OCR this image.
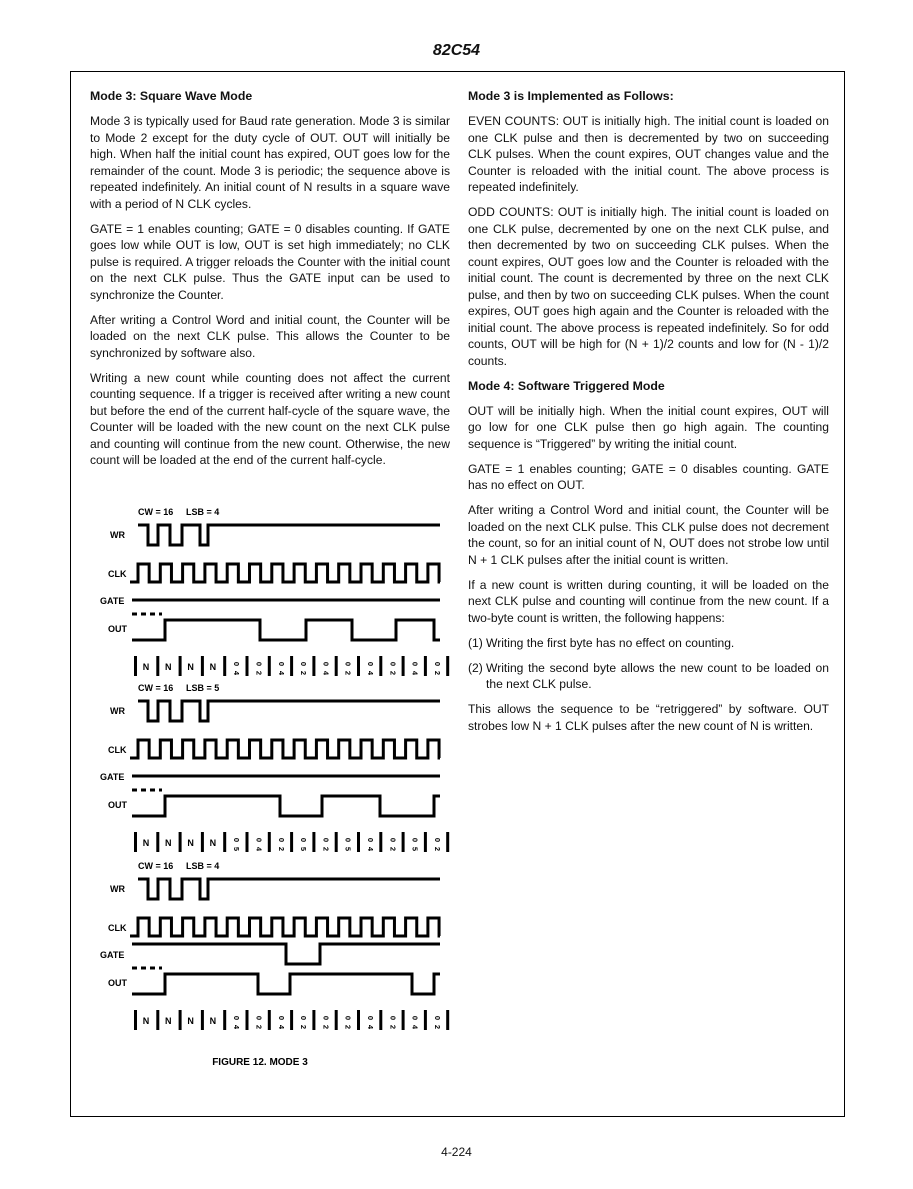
82C54
Mode 3: Square Wave Mode

Mode 3 is typically used for Baud rate generation. Mode 3 is similar to Mode 2 except for the duty cycle of OUT. OUT will initially be high. When half the initial count has expired, OUT goes low for the remainder of the count. Mode 3 is periodic; the sequence above is repeated indefinitely. An initial count of N results in a square wave with a period of N CLK cycles.

GATE = 1 enables counting; GATE = 0 disables counting. If GATE goes low while OUT is low, OUT is set high immediately; no CLK pulse is required. A trigger reloads the Counter with the initial count on the next CLK pulse. Thus the GATE input can be used to synchronize the Counter.

After writing a Control Word and initial count, the Counter will be loaded on the next CLK pulse. This allows the Counter to be synchronized by software also.

Writing a new count while counting does not affect the current counting sequence. If a trigger is received after writing a new count but before the end of the current half-cycle of the square wave, the Counter will be loaded with the new count on the next CLK pulse and counting will continue from the new count. Otherwise, the new count will be loaded at the end of the current half-cycle.

Mode 3 is Implemented as Follows:

EVEN COUNTS: OUT is initially high. The initial count is loaded on one CLK pulse and then is decremented by two on succeeding CLK pulses. When the count expires, OUT changes value and the Counter is reloaded with the initial count. The above process is repeated indefinitely.

ODD COUNTS: OUT is initially high. The initial count is loaded on one CLK pulse, decremented by one on the next CLK pulse, and then decremented by two on succeeding CLK pulses. When the count expires, OUT goes low and the Counter is reloaded with the initial count. The count is decremented by three on the next CLK pulse, and then by two on succeeding CLK pulses. When the count expires, OUT goes high again and the Counter is reloaded with the initial count. The above process is repeated indefinitely. So for odd counts, OUT will be high for (N + 1)/2 counts and low for (N - 1)/2 counts.

Mode 4: Software Triggered Mode

OUT will be initially high. When the initial count expires, OUT will go low for one CLK pulse then go high again. The counting sequence is “Triggered” by writing the initial count.

GATE = 1 enables counting; GATE = 0 disables counting. GATE has no effect on OUT.

After writing a Control Word and initial count, the Counter will be loaded on the next CLK pulse. This CLK pulse does not decrement the count, so for an initial count of N, OUT does not strobe low until N + 1 CLK pulses after the initial count is written.

If a new count is written during counting, it will be loaded on the next CLK pulse and counting will continue from the new count. If a two-byte count is written, the following happens:

(1) Writing the first byte has no effect on counting.

(2) Writing the second byte allows the new count to be loaded on the next CLK pulse.

This allows the sequence to be “retriggered” by software. OUT strobes low N + 1 CLK pulses after the new count of N is written.

CW = 16 LSB = 4
WR
CLK
GATE
OUT
N N N N 0
4
0
2
0
4
0
2
0
4
0
2
0
4
0
2
0
4
0
2
CW = 16 LSB = 5
WR
CLK
GATE
OUT
N N N N 0
5
0
4
0
2
0
5
0
2
0
5
0
4
0
2
0
5
0
2
CW = 16 LSB = 4
WR
CLK
GATE
OUT
N N N N 0
4
0
2
0
4
0
2
0
2
0
2
0
4
0
2
0
4
0
2
FIGURE 12. MODE 3
4-224
